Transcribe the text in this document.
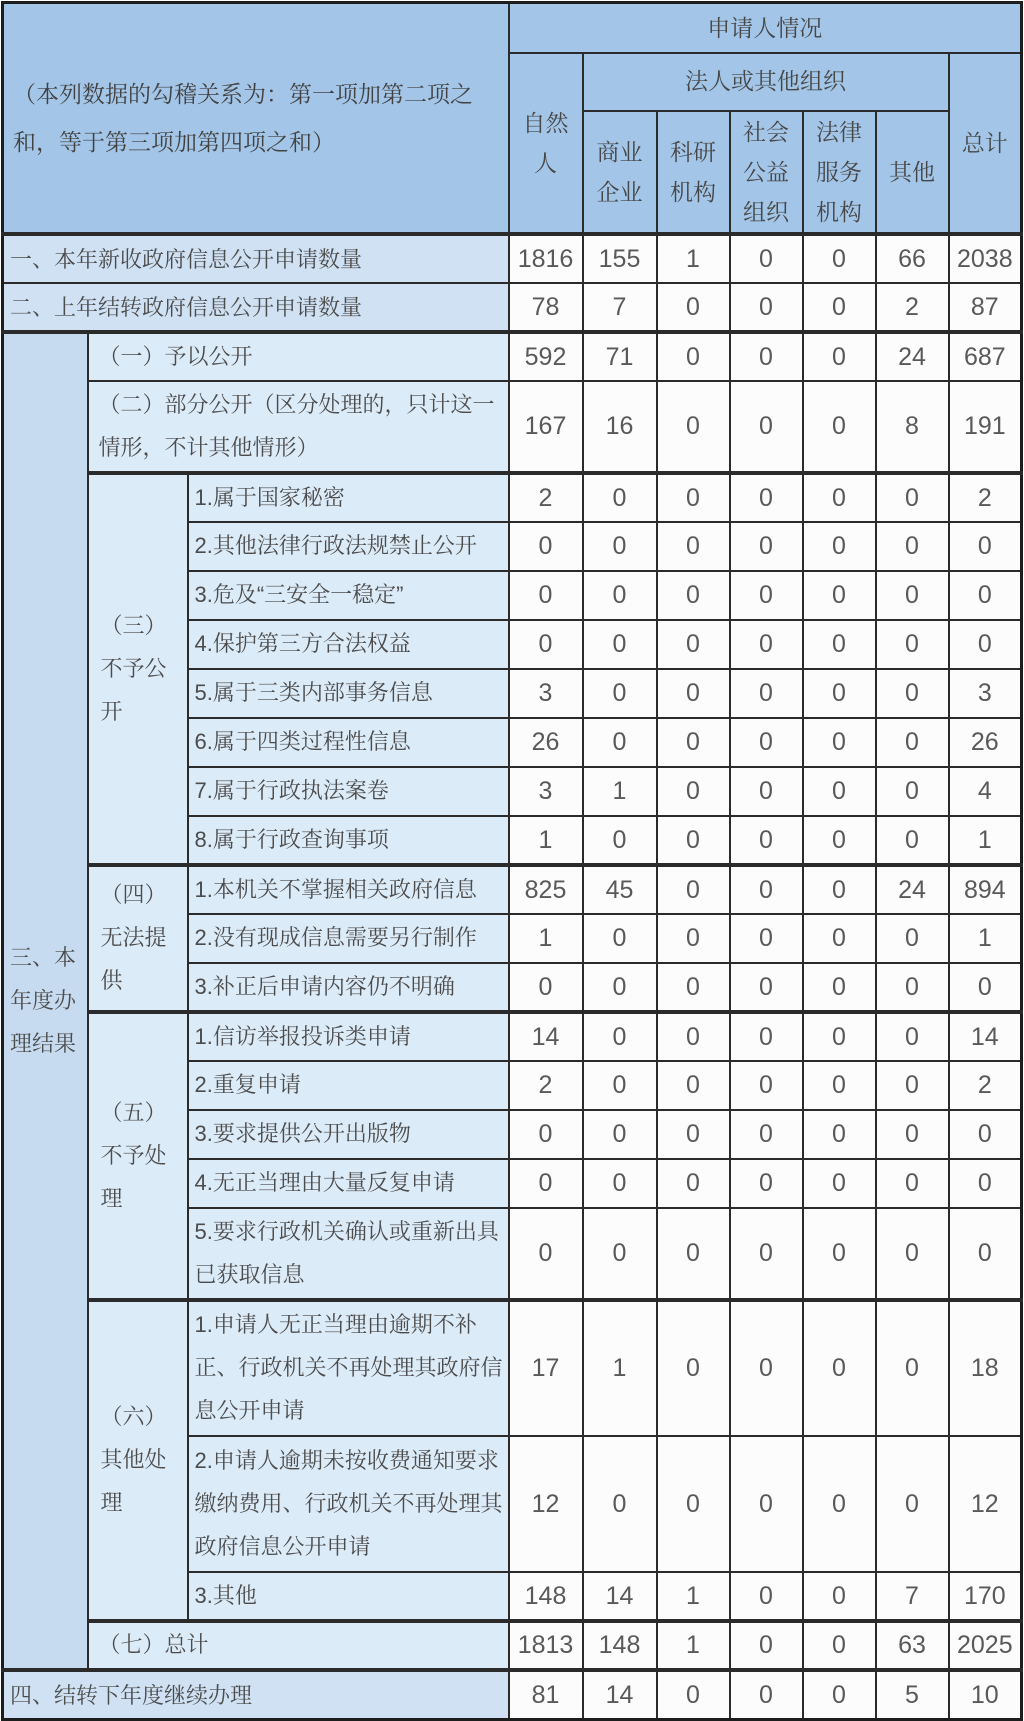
（本列数据的勾稽关系为：第一项加第二项之和，等于第三项加第四项之和）			申请人情况						
			自然人	法人或其他组织					总计
				商业企业	科研机构	社会公益组织	法律服务机构	其他	
一、本年新收政府信息公开申请数量			1816	155	1	0	0	66	2038
二、上年结转政府信息公开申请数量			78	7	0	0	0	2	87
三、本年度办理结果	（一）予以公开		592	71	0	0	0	24	687
	（二）部分公开（区分处理的，只计这一情形，不计其他情形）		167	16	0	0	0	8	191
	（三）不予公开	1.属于国家秘密	2	0	0	0	0	0	2
		2.其他法律行政法规禁止公开	0	0	0	0	0	0	0
		3.危及“三安全一稳定”	0	0	0	0	0	0	0
		4.保护第三方合法权益	0	0	0	0	0	0	0
		5.属于三类内部事务信息	3	0	0	0	0	0	3
		6.属于四类过程性信息	26	0	0	0	0	0	26
		7.属于行政执法案卷	3	1	0	0	0	0	4
		8.属于行政查询事项	1	0	0	0	0	0	1
	（四）无法提供	1.本机关不掌握相关政府信息	825	45	0	0	0	24	894
		2.没有现成信息需要另行制作	1	0	0	0	0	0	1
		3.补正后申请内容仍不明确	0	0	0	0	0	0	0
	（五）不予处理	1.信访举报投诉类申请	14	0	0	0	0	0	14
		2.重复申请	2	0	0	0	0	0	2
		3.要求提供公开出版物	0	0	0	0	0	0	0
		4.无正当理由大量反复申请	0	0	0	0	0	0	0
		5.要求行政机关确认或重新出具已获取信息	0	0	0	0	0	0	0
	（六）其他处理	1.申请人无正当理由逾期不补正、行政机关不再处理其政府信息公开申请	17	1	0	0	0	0	18
		2.申请人逾期未按收费通知要求缴纳费用、行政机关不再处理其政府信息公开申请	12	0	0	0	0	0	12
		3.其他	148	14	1	0	0	7	170
	（七）总计		1813	148	1	0	0	63	2025
四、结转下年度继续办理			81	14	0	0	0	5	10
